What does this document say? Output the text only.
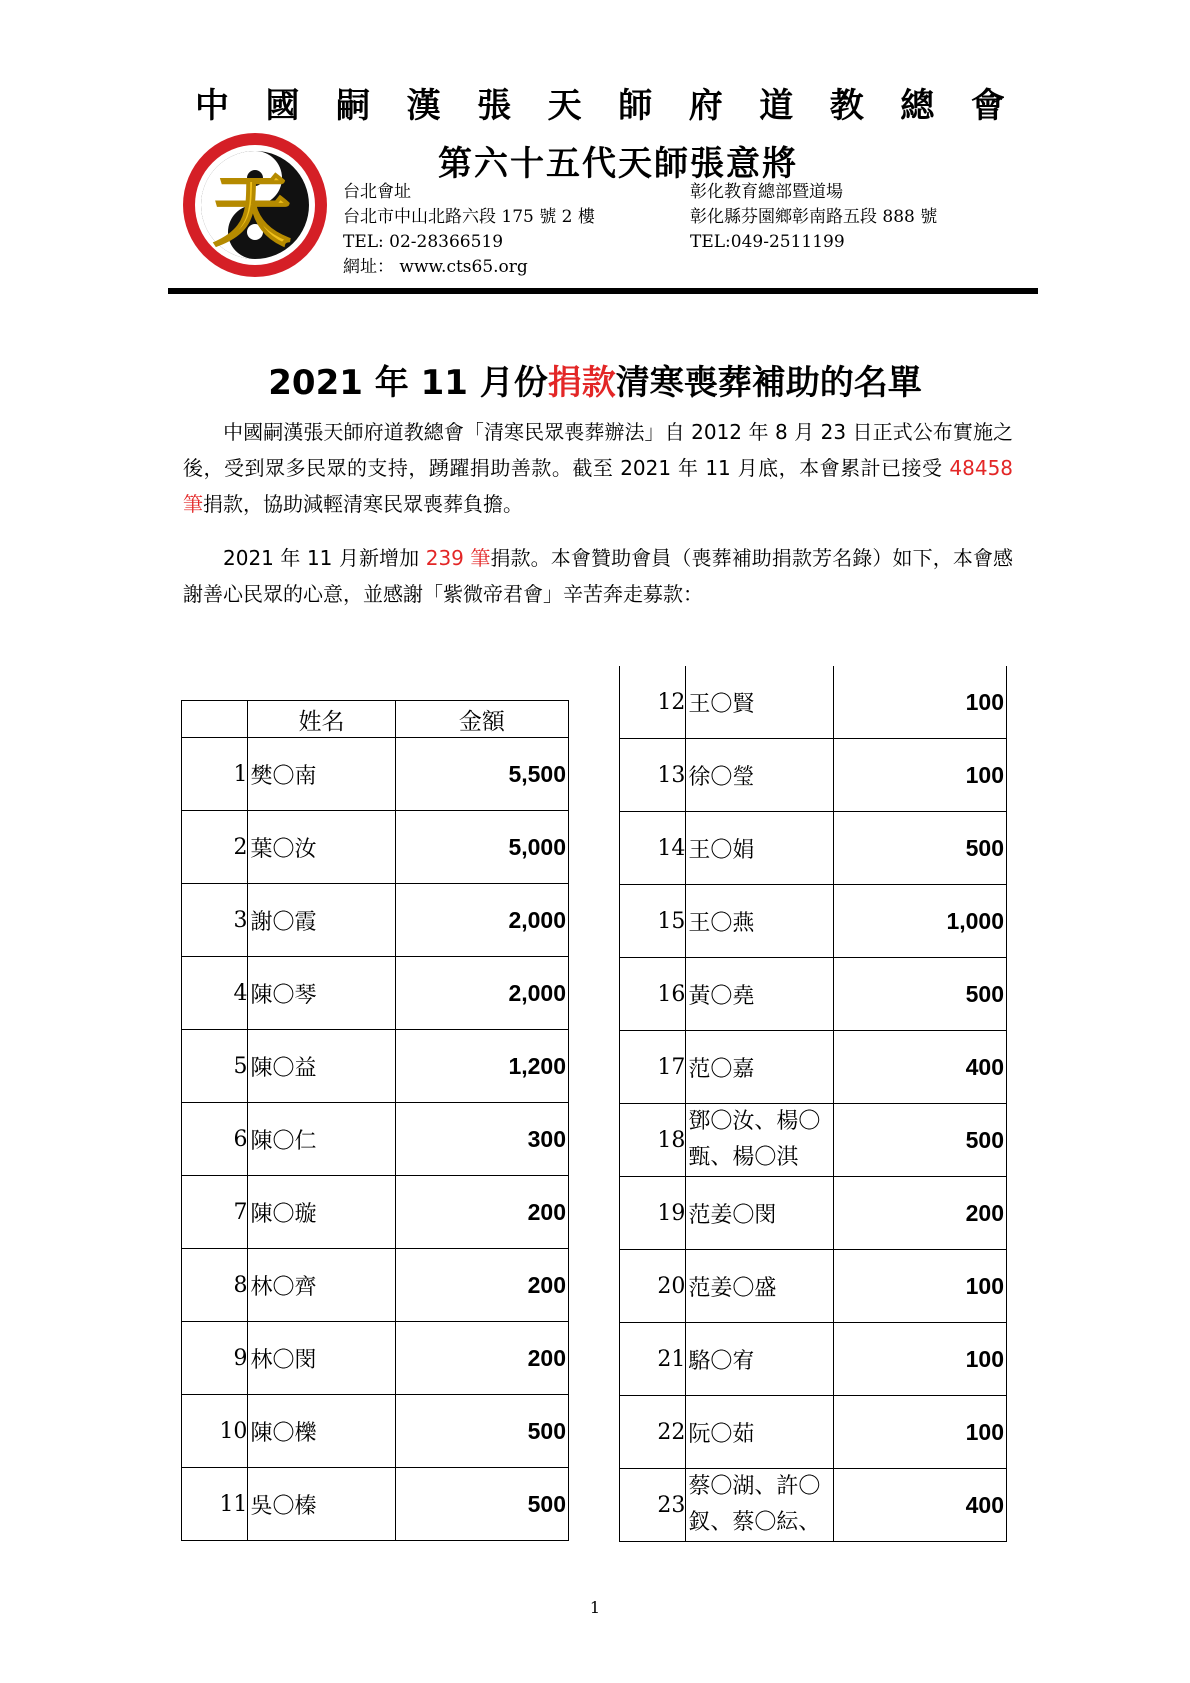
中 國 嗣 漢 張 天 師 府 道 教 總 會
第六十五代天師張意將
天	台北會址
台北市中山北路六段 175 號 2 樓
TEL: 02-28366519
網址： www.cts65.org
彰化教育總部暨道場
彰化縣芬園鄉彰南路五段 888 號
TEL:049-2511199
2021 年 11 月份捐款清寒喪葬補助的名單
中國嗣漢張天師府道教總會「清寒民眾喪葬辦法」自 2012 年 8 月 23 日正式公布實施之後，受到眾多民眾的支持，踴躍捐助善款。截至 2021 年 11 月底，本會累計已接受 48458 筆捐款，協助減輕清寒民眾喪葬負擔。
2021 年 11 月新增加 239 筆捐款。本會贊助會員（喪葬補助捐款芳名錄）如下，本會感謝善心民眾的心意，並感謝「紫微帝君會」辛苦奔走募款：
	姓名	金額
1	樊〇南	5,500
2	葉〇汝	5,000
3	謝〇霞	2,000
4	陳〇琴	2,000
5	陳〇益	1,200
6	陳〇仁	300
7	陳〇璇	200
8	林〇齊	200
9	林〇閔	200
10	陳〇櫟	500
11	吳〇榛	500
12	王〇賢	100
13	徐〇瑩	100
14	王〇娟	500
15	王〇燕	1,000
16	黃〇堯	500
17	范〇嘉	400
18	鄧〇汝、楊〇甄、楊〇淇	500
19	范姜〇閔	200
20	范姜〇盛	100
21	駱〇宥	100
22	阮〇茹	100
23	蔡〇湖、許〇釵、蔡〇紜、	400
1
